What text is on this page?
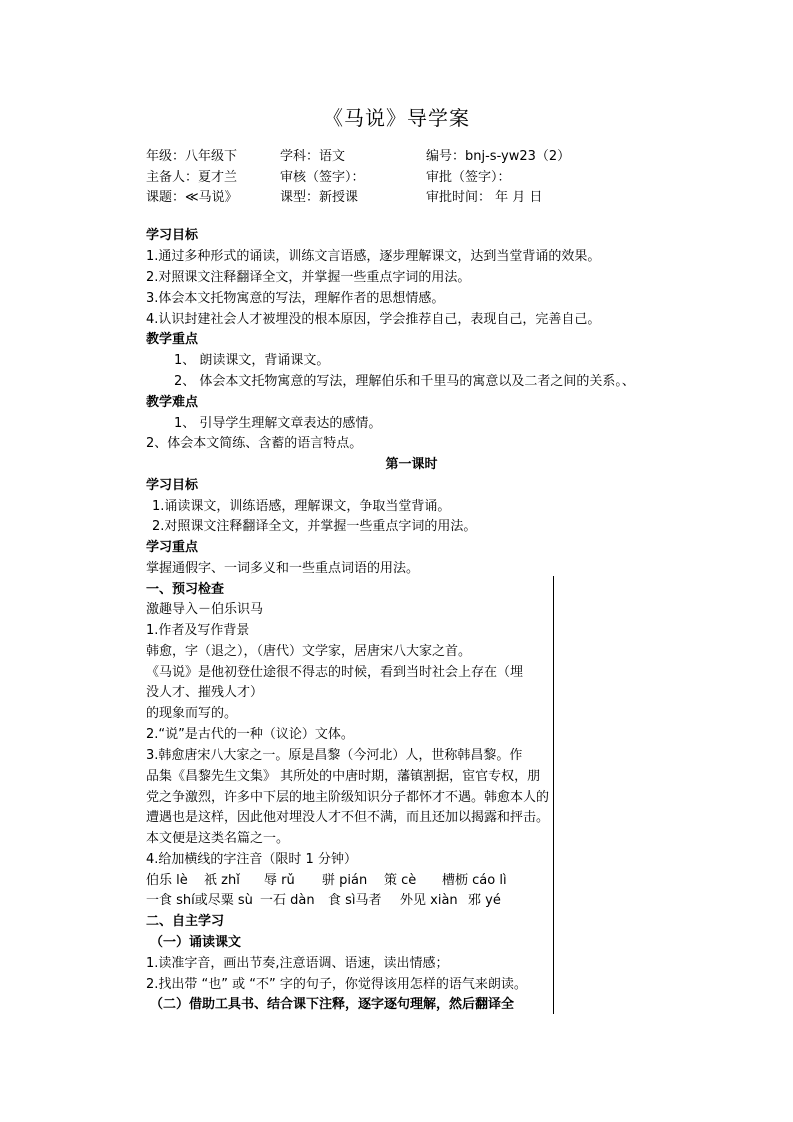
《马说》导学案
年级：八年级下	学科：语文	编号：bnj-s-yw23（2）
主备人：夏才兰	审核（签字）：	审批（签字）：
课题：≪马说》	课型：新授课	审批时间： 年 月 日
学习目标
1.通过多种形式的诵读，训练文言语感，逐步理解课文，达到当堂背诵的效果。
2.对照课文注释翻译全文，并掌握一些重点字词的用法。
3.体会本文托物寓意的写法，理解作者的思想情感。
4.认识封建社会人才被埋没的根本原因，学会推荐自己，表现自己，完善自己。
教学重点
1、 朗读课文，背诵课文。
2、 体会本文托物寓意的写法，理解伯乐和千里马的寓意以及二者之间的关系。、
教学难点
1、 引导学生理解文章表达的感情。
2、体会本文简练、含蓄的语言特点。
第一课时
学习目标
1.诵读课文，训练语感，理解课文，争取当堂背诵。
2.对照课文注释翻译全文，并掌握一些重点字词的用法。
学习重点
掌握通假字、一词多义和一些重点词语的用法。
一、预习检查
激趣导入－伯乐识马
1.作者及写作背景
韩愈，字（退之），（唐代）文学家，居唐宋八大家之首。
《马说》是他初登仕途很不得志的时候，看到当时社会上存在（埋
没人才、摧残人才）
的现象而写的。
2.“说”是古代的一种（议论）文体。
3.韩愈唐宋八大家之一。原是昌黎（今河北）人，世称韩昌黎。作
品集《昌黎先生文集》 其所处的中唐时期，藩镇割据，宦官专权，朋
党之争激烈，许多中下层的地主阶级知识分子都怀才不遇。韩愈本人的
遭遇也是这样，因此他对埋没人才不但不满，而且还加以揭露和抨击。
本文便是这类名篇之一。
4.给加横线的字注音（限时 1 分钟）
伯乐 lè 祇 zhǐ 辱 rǔ 骈 pián 策 cè 槽枥 cáo lì
一食 shí或尽粟 sù 一石 dàn 食 sì马者 外见 xiàn 邪 yé
二、自主学习
（一）诵读课文
1.读准字音，画出节奏,注意语调、语速，读出情感；
2.找出带 “也” 或 “不” 字的句子，你觉得该用怎样的语气来朗读。
（二）借助工具书、结合课下注释，逐字逐句理解，然后翻译全
